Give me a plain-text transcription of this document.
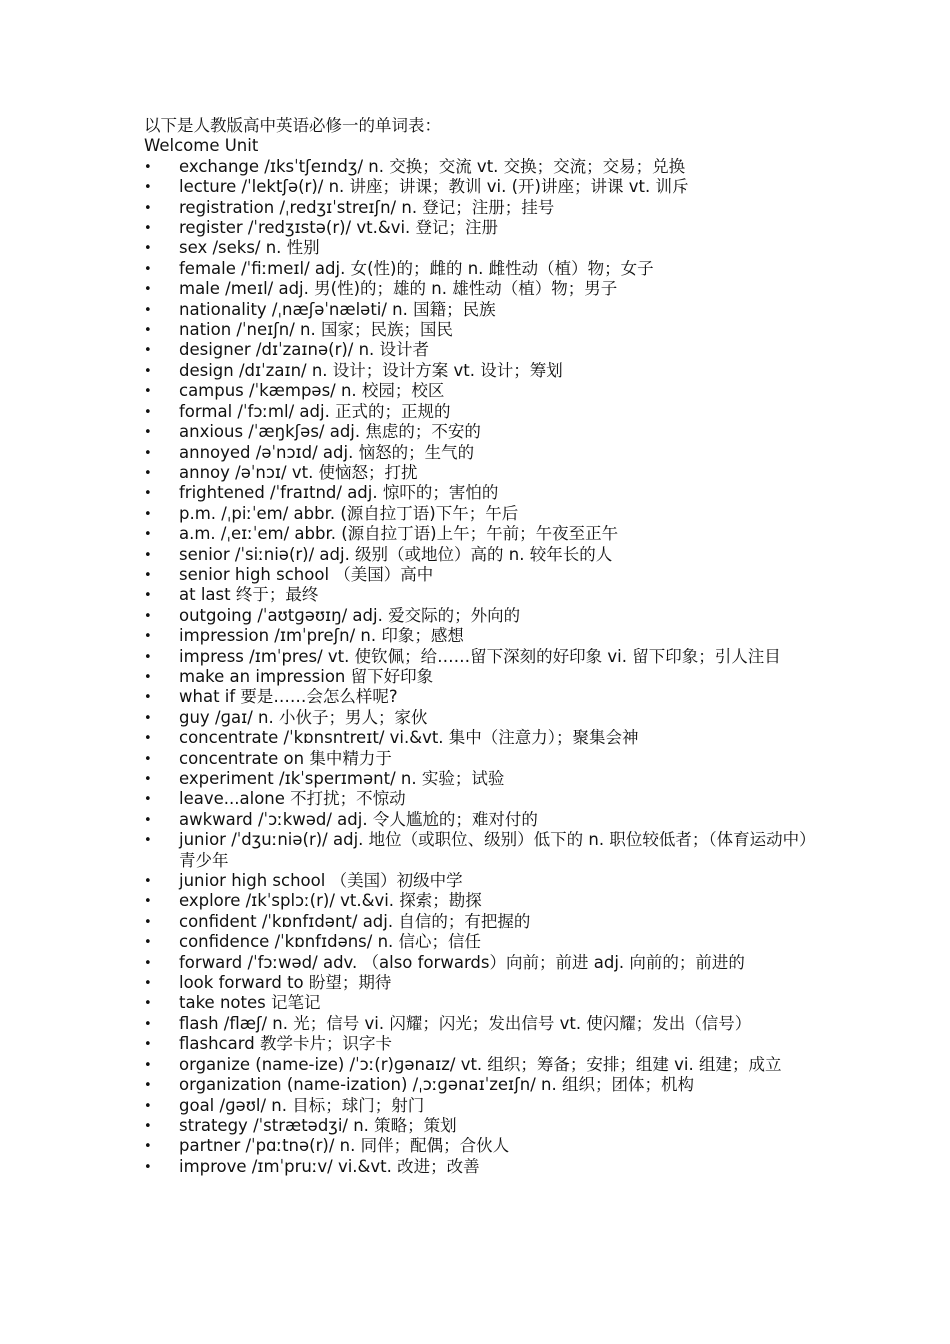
以下是人教版高中英语必修一的单词表：

Welcome Unit

• exchange /ɪksˈtʃeɪndʒ/ n. 交换；交流 vt. 交换；交流；交易；兑换
• lecture /ˈlektʃə(r)/ n. 讲座；讲课；教训 vi. (开)讲座；讲课 vt. 训斥
• registration /ˌredʒɪˈstreɪʃn/ n. 登记；注册；挂号
• register /ˈredʒɪstə(r)/ vt.&vi. 登记；注册
• sex /seks/ n. 性别
• female /ˈfiːmeɪl/ adj. 女(性)的；雌的 n. 雌性动（植）物；女子
• male /meɪl/ adj. 男(性)的；雄的 n. 雄性动（植）物；男子
• nationality /ˌnæʃəˈnæləti/ n. 国籍；民族
• nation /ˈneɪʃn/ n. 国家；民族；国民
• designer /dɪˈzaɪnə(r)/ n. 设计者
• design /dɪˈzaɪn/ n. 设计；设计方案 vt. 设计；筹划
• campus /ˈkæmpəs/ n. 校园；校区
• formal /ˈfɔːml/ adj. 正式的；正规的
• anxious /ˈæŋkʃəs/ adj. 焦虑的；不安的
• annoyed /əˈnɔɪd/ adj. 恼怒的；生气的
• annoy /əˈnɔɪ/ vt. 使恼怒；打扰
• frightened /ˈfraɪtnd/ adj. 惊吓的；害怕的
• p.m. /ˌpiːˈem/ abbr. (源自拉丁语)下午；午后
• a.m. /ˌeɪːˈem/ abbr. (源自拉丁语)上午；午前；午夜至正午
• senior /ˈsiːniə(r)/ adj. 级别（或地位）高的 n. 较年长的人
• senior high school （美国）高中
• at last 终于；最终
• outgoing /ˈaʊtɡəʊɪŋ/ adj. 爱交际的；外向的
• impression /ɪmˈpreʃn/ n. 印象；感想
• impress /ɪmˈpres/ vt. 使钦佩；给……留下深刻的好印象 vi. 留下印象；引人注目
• make an impression 留下好印象
• what if 要是……会怎么样呢?
• guy /ɡaɪ/ n. 小伙子；男人；家伙
• concentrate /ˈkɒnsntreɪt/ vi.&vt. 集中（注意力）；聚集会神
• concentrate on 集中精力于
• experiment /ɪkˈsperɪmənt/ n. 实验；试验
• leave...alone 不打扰；不惊动
• awkward /ˈɔːkwəd/ adj. 令人尴尬的；难对付的
• junior /ˈdʒuːniə(r)/ adj. 地位（或职位、级别）低下的 n. 职位较低者；（体育运动中）青少年
• junior high school （美国）初级中学
• explore /ɪkˈsplɔː(r)/ vt.&vi. 探索；勘探
• confident /ˈkɒnfɪdənt/ adj. 自信的；有把握的
• confidence /ˈkɒnfɪdəns/ n. 信心；信任
• forward /ˈfɔːwəd/ adv. （also forwards）向前；前进 adj. 向前的；前进的
• look forward to 盼望；期待
• take notes 记笔记
• flash /flæʃ/ n. 光；信号 vi. 闪耀；闪光；发出信号 vt. 使闪耀；发出（信号）
• flashcard 教学卡片；识字卡
• organize (name-ize) /ˈɔː(r)ɡənaɪz/ vt. 组织；筹备；安排；组建 vi. 组建；成立
• organization (name-ization) /ˌɔːɡənaɪˈzeɪʃn/ n. 组织；团体；机构
• goal /ɡəʊl/ n. 目标；球门；射门
• strategy /ˈstrætədʒi/ n. 策略；策划
• partner /ˈpɑːtnə(r)/ n. 同伴；配偶；合伙人
• improve /ɪmˈpruːv/ vi.&vt. 改进；改善
